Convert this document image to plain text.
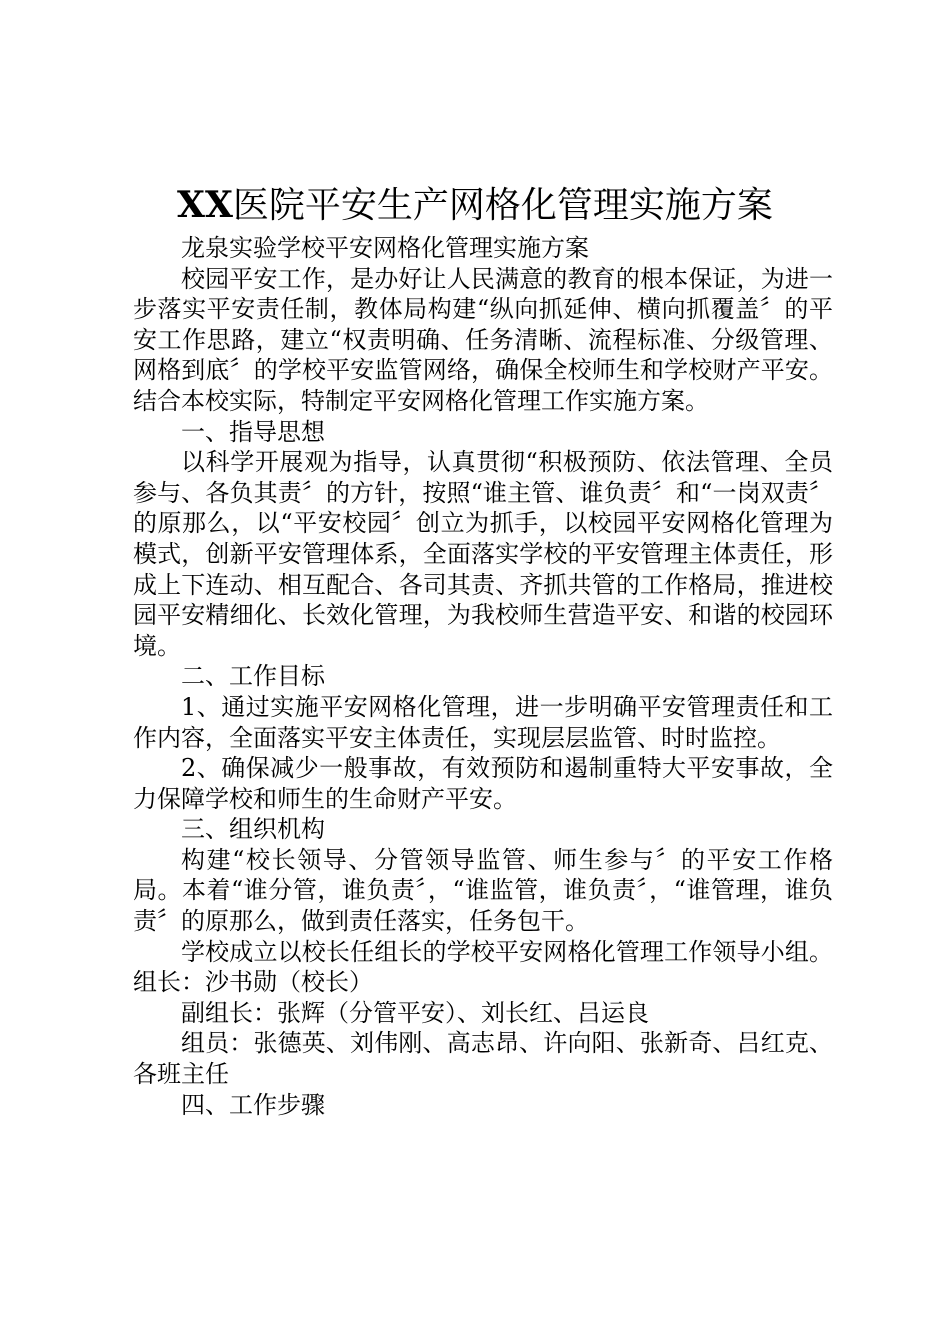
XX医院平安生产网格化管理实施方案

龙泉实验学校平安网格化管理实施方案

校园平安工作，是办好让人民满意的教育的根本保证，为进一步落实平安责任制，教体局构建“纵向抓延伸、横向抓覆盖〞的平安工作思路，建立“权责明确、任务清晰、流程标准、分级管理、网格到底〞的学校平安监管网络，确保全校师生和学校财产平安。结合本校实际，特制定平安网格化管理工作实施方案。

一、指导思想

以科学开展观为指导，认真贯彻“积极预防、依法管理、全员参与、各负其责〞的方针，按照“谁主管、谁负责〞和“一岗双责〞的原那么，以“平安校园〞创立为抓手，以校园平安网格化管理为模式，创新平安管理体系，全面落实学校的平安管理主体责任，形成上下连动、相互配合、各司其责、齐抓共管的工作格局，推进校园平安精细化、长效化管理，为我校师生营造平安、和谐的校园环境。

二、工作目标

1、通过实施平安网格化管理，进一步明确平安管理责任和工作内容，全面落实平安主体责任，实现层层监管、时时监控。

2、确保减少一般事故，有效预防和遏制重特大平安事故，全力保障学校和师生的生命财产平安。

三、组织机构

构建“校长领导、分管领导监管、师生参与〞的平安工作格局。本着“谁分管，谁负责〞，“谁监管，谁负责〞，“谁管理，谁负责〞的原那么，做到责任落实，任务包干。

学校成立以校长任组长的学校平安网格化管理工作领导小组。组长：沙书勋（校长）

副组长：张辉（分管平安）、刘长红、吕运良

组员：张德英、刘伟刚、高志昂、许向阳、张新奇、吕红克、各班主任

四、工作步骤
